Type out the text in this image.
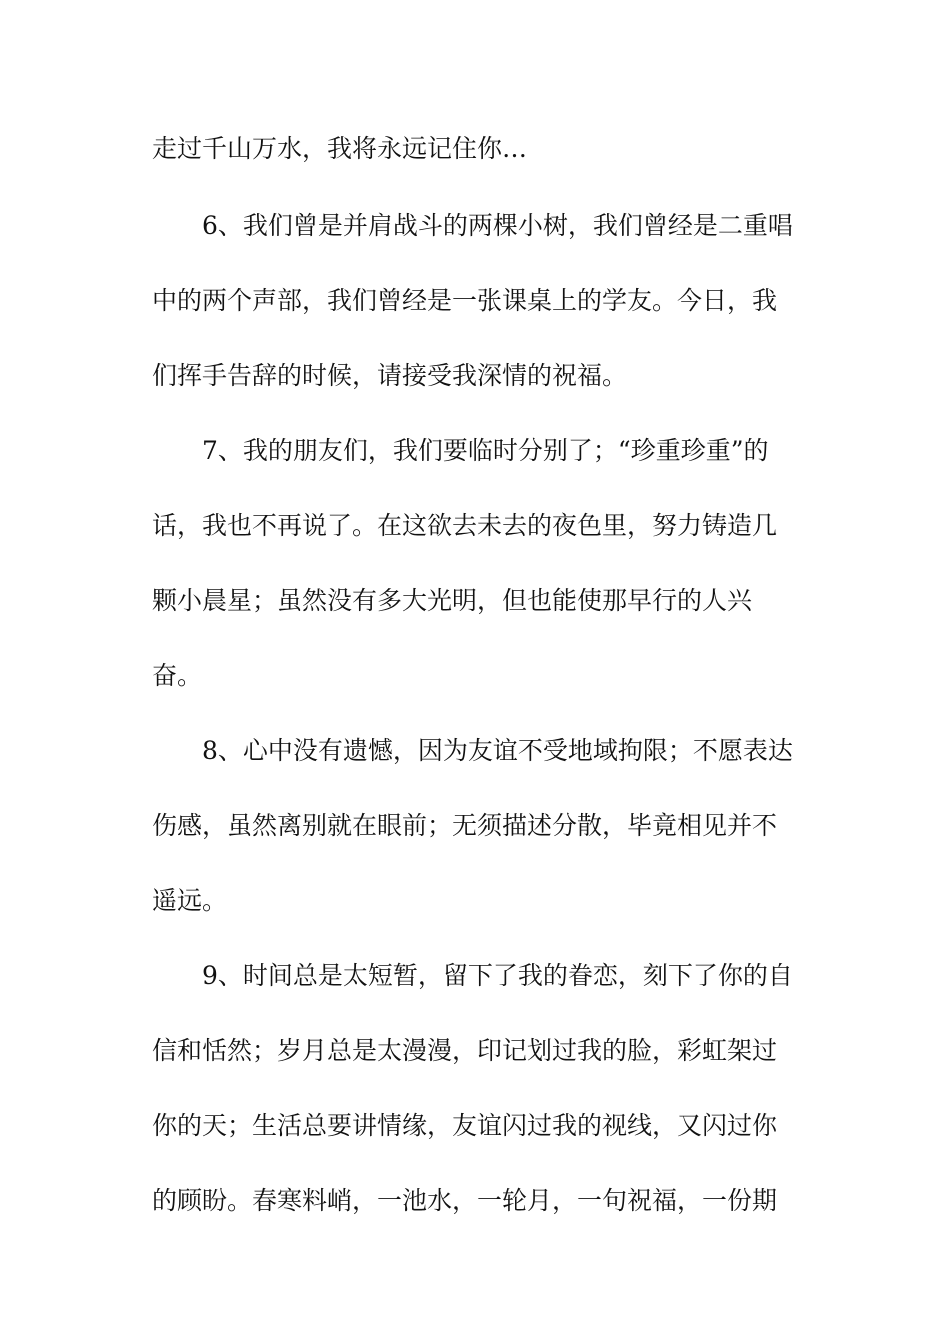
走过千山万水，我将永远记住你…
6、我们曾是并肩战斗的两棵小树，我们曾经是二重唱
中的两个声部，我们曾经是一张课桌上的学友。今日，我
们挥手告辞的时候，请接受我深情的祝福。
7、我的朋友们，我们要临时分别了；“珍重珍重”的
话，我也不再说了。在这欲去未去的夜色里，努力铸造几
颗小晨星；虽然没有多大光明，但也能使那早行的人兴
奋。
8、心中没有遗憾，因为友谊不受地域拘限；不愿表达
伤感，虽然离别就在眼前；无须描述分散，毕竟相见并不
遥远。
9、时间总是太短暂，留下了我的眷恋，刻下了你的自
信和恬然；岁月总是太漫漫，印记划过我的脸，彩虹架过
你的天；生活总要讲情缘，友谊闪过我的视线，又闪过你
的顾盼。春寒料峭，一池水，一轮月，一句祝福，一份期
